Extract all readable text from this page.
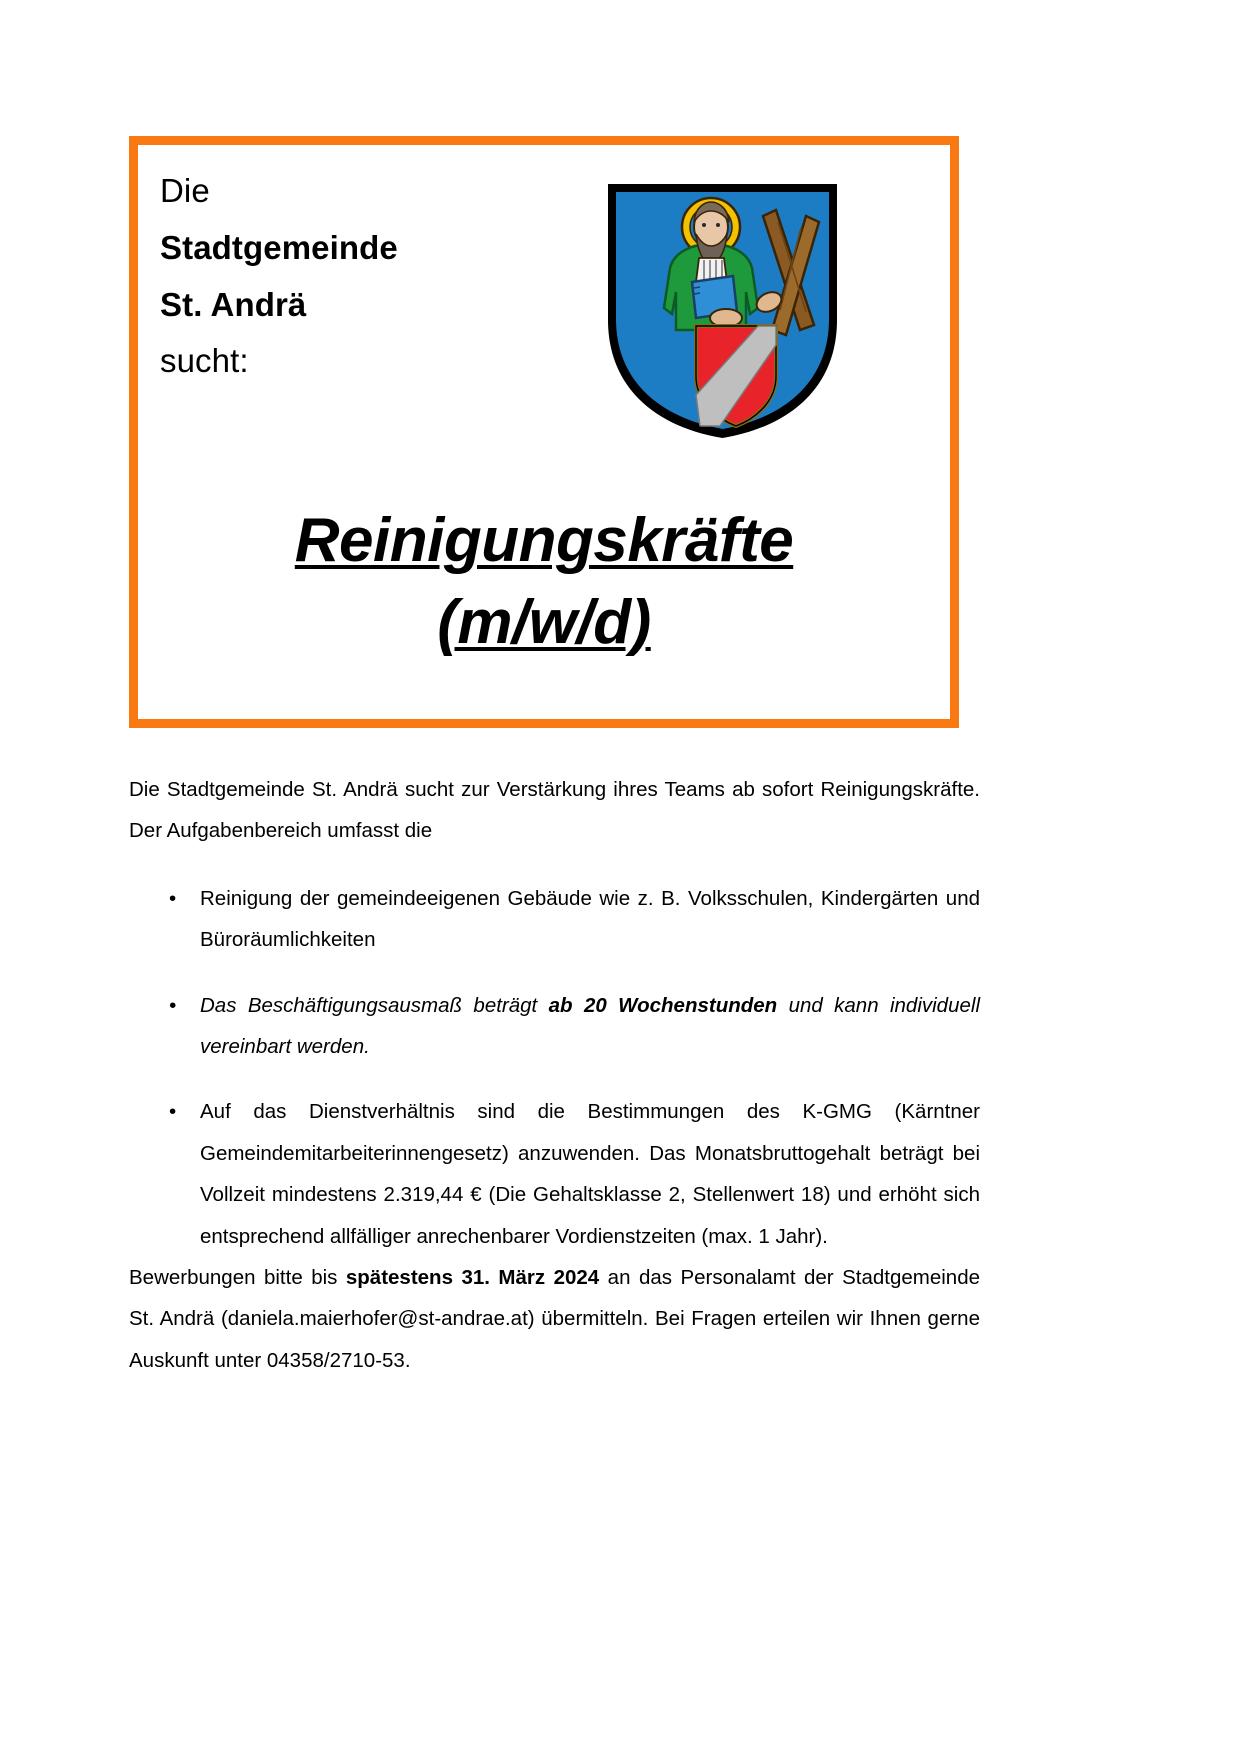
Die
Stadtgemeinde
St. Andrä
sucht:
Reinigungskräfte
(m/w/d)

Die Stadtgemeinde St. Andrä sucht zur Verstärkung ihres Teams ab sofort Reinigungskräfte. Der Aufgabenbereich umfasst die

• Reinigung der gemeindeeigenen Gebäude wie z. B. Volksschulen, Kindergärten und Büroräumlichkeiten
• Das Beschäftigungsausmaß beträgt ab 20 Wochenstunden und kann individuell vereinbart werden.
• Auf das Dienstverhältnis sind die Bestimmungen des K-GMG (Kärntner Gemeindemitarbeiterinnengesetz) anzuwenden. Das Monatsbruttogehalt beträgt bei Vollzeit mindestens 2.319,44 € (Die Gehaltsklasse 2, Stellenwert 18) und erhöht sich entsprechend allfälliger anrechenbarer Vordienstzeiten (max. 1 Jahr).

Bewerbungen bitte bis spätestens 31. März 2024 an das Personalamt der Stadtgemeinde St. Andrä (daniela.maierhofer@st-andrae.at) übermitteln. Bei Fragen erteilen wir Ihnen gerne Auskunft unter 04358/2710-53.
